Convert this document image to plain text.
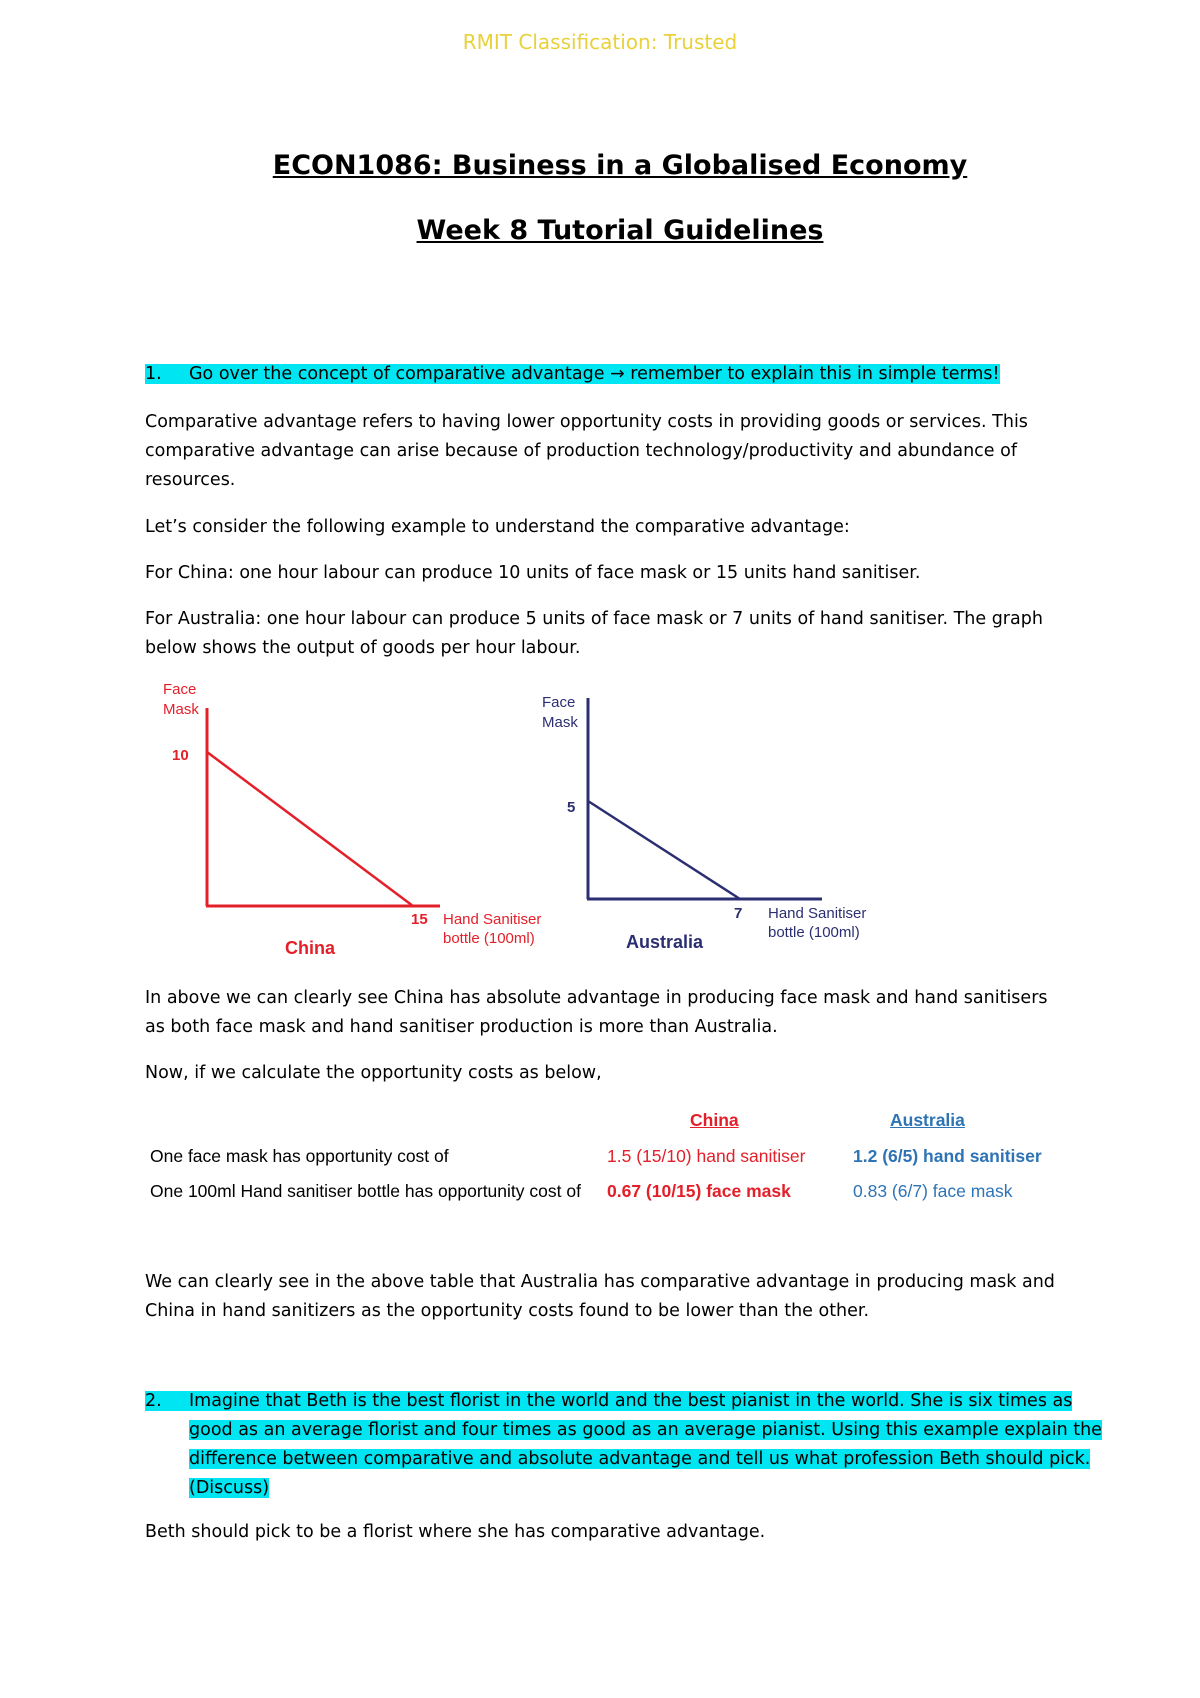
RMIT Classification: Trusted
ECON1086: Business in a Globalised Economy
Week 8 Tutorial Guidelines
1. Go over the concept of comparative advantage → remember to explain this in simple terms!
Comparative advantage refers to having lower opportunity costs in providing goods or services. This comparative advantage can arise because of production technology/productivity and abundance of resources.
Let’s consider the following example to understand the comparative advantage:
For China: one hour labour can produce 10 units of face mask or 15 units hand sanitiser.
For Australia: one hour labour can produce 5 units of face mask or 7 units of hand sanitiser. The graph below shows the output of goods per hour labour.
Face
Mask
10
15 Hand Sanitiser
bottle (100ml)
China
Face
Mask
5
7 Hand Sanitiser
bottle (100ml)
Australia
In above we can clearly see China has absolute advantage in producing face mask and hand sanitisers as both face mask and hand sanitiser production is more than Australia.
Now, if we calculate the opportunity costs as below,
China	Australia
One face mask has opportunity cost of	1.5 (15/10) hand sanitiser	1.2 (6/5) hand sanitiser
One 100ml Hand sanitiser bottle has opportunity cost of 0.67 (10/15) face mask	0.83 (6/7) face mask
We can clearly see in the above table that Australia has comparative advantage in producing mask and China in hand sanitizers as the opportunity costs found to be lower than the other.
2. Imagine that Beth is the best florist in the world and the best pianist in the world. She is six times as good as an average florist and four times as good as an average pianist. Using this example explain the difference between comparative and absolute advantage and tell us what profession Beth should pick. (Discuss)
Beth should pick to be a florist where she has comparative advantage.
